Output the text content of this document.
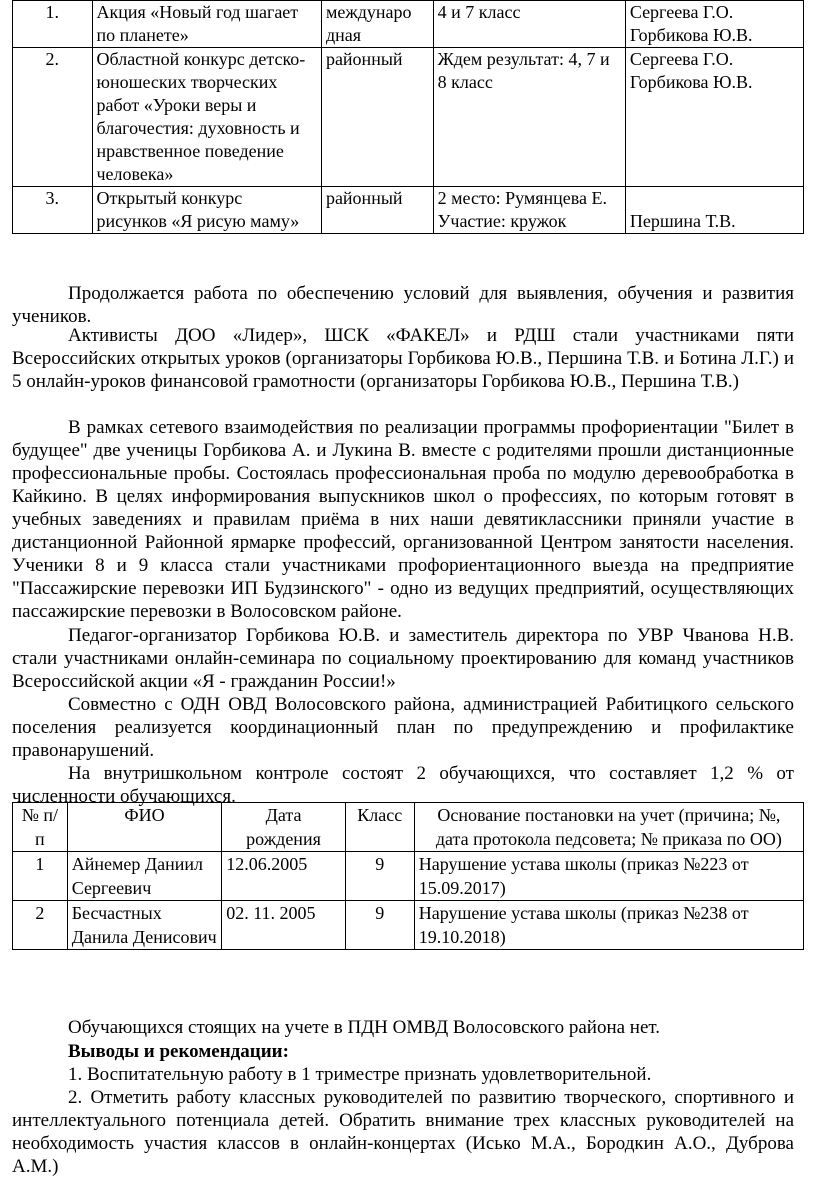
1.	Акция «Новый год шагает по планете»	междунаро дная	4 и 7 класс	Сергеева Г.О. Горбикова Ю.В.
2.	Областной конкурс детско-юношеских творческих работ «Уроки веры и благочестия: духовность и нравственное поведение человека»	районный	Ждем результат: 4, 7 и 8 класс	Сергеева Г.О. Горбикова Ю.В.
3.	Открытый конкурс рисунков «Я рисую маму»	районный	2 место: Румянцева Е. Участие: кружок	Першина Т.В.
Продолжается работа по обеспечению условий для выявления, обучения и развития учеников.
Активисты ДОО «Лидер», ШСК «ФАКЕЛ» и РДШ стали участниками пяти Всероссийских открытых уроков (организаторы Горбикова Ю.В., Першина Т.В. и Ботина Л.Г.) и 5 онлайн-уроков финансовой грамотности (организаторы Горбикова Ю.В., Першина Т.В.)
В рамках сетевого взаимодействия по реализации программы профориентации "Билет в будущее" две ученицы Горбикова А. и Лукина В. вместе с родителями прошли дистанционные профессиональные пробы. Состоялась профессиональная проба по модулю деревообработка в Кайкино. В целях информирования выпускников школ о профессиях, по которым готовят в учебных заведениях и правилам приёма в них наши девятиклассники приняли участие в дистанционной Районной ярмарке профессий, организованной Центром занятости населения. Ученики 8 и 9 класса стали участниками профориентационного выезда на предприятие "Пассажирские перевозки ИП Будзинского" - одно из ведущих предприятий, осуществляющих пассажирские перевозки в Волосовском районе.
Педагог-организатор Горбикова Ю.В. и заместитель директора по УВР Чванова Н.В. стали участниками онлайн-семинара по социальному проектированию для команд участников Всероссийской акции «Я - гражданин России!»
Совместно с ОДН ОВД Волосовского района, администрацией Рабитицкого сельского поселения реализуется координационный план по предупреждению и профилактике правонарушений.
На внутришкольном контроле состоят 2 обучающихся, что составляет 1,2 % от численности обучающихся.
№ п/п	ФИО	Дата рождения	Класс	Основание постановки на учет (причина; №, дата протокола педсовета; № приказа по ОО)
1	Айнемер Даниил Сергеевич	12.06.2005	9	Нарушение устава школы (приказ №223 от 15.09.2017)
2	Бесчастных Данила Денисович	02. 11. 2005	9	Нарушение устава школы (приказ №238 от 19.10.2018)
Обучающихся стоящих на учете в ПДН ОМВД Волосовского района нет.
Выводы и рекомендации:
1. Воспитательную работу в 1 триместре признать удовлетворительной.
2. Отметить работу классных руководителей по развитию творческого, спортивного и интеллектуального потенциала детей. Обратить внимание трех классных руководителей на необходимость участия классов в онлайн-концертах (Исько М.А., Бородкин А.О., Дуброва А.М.)
